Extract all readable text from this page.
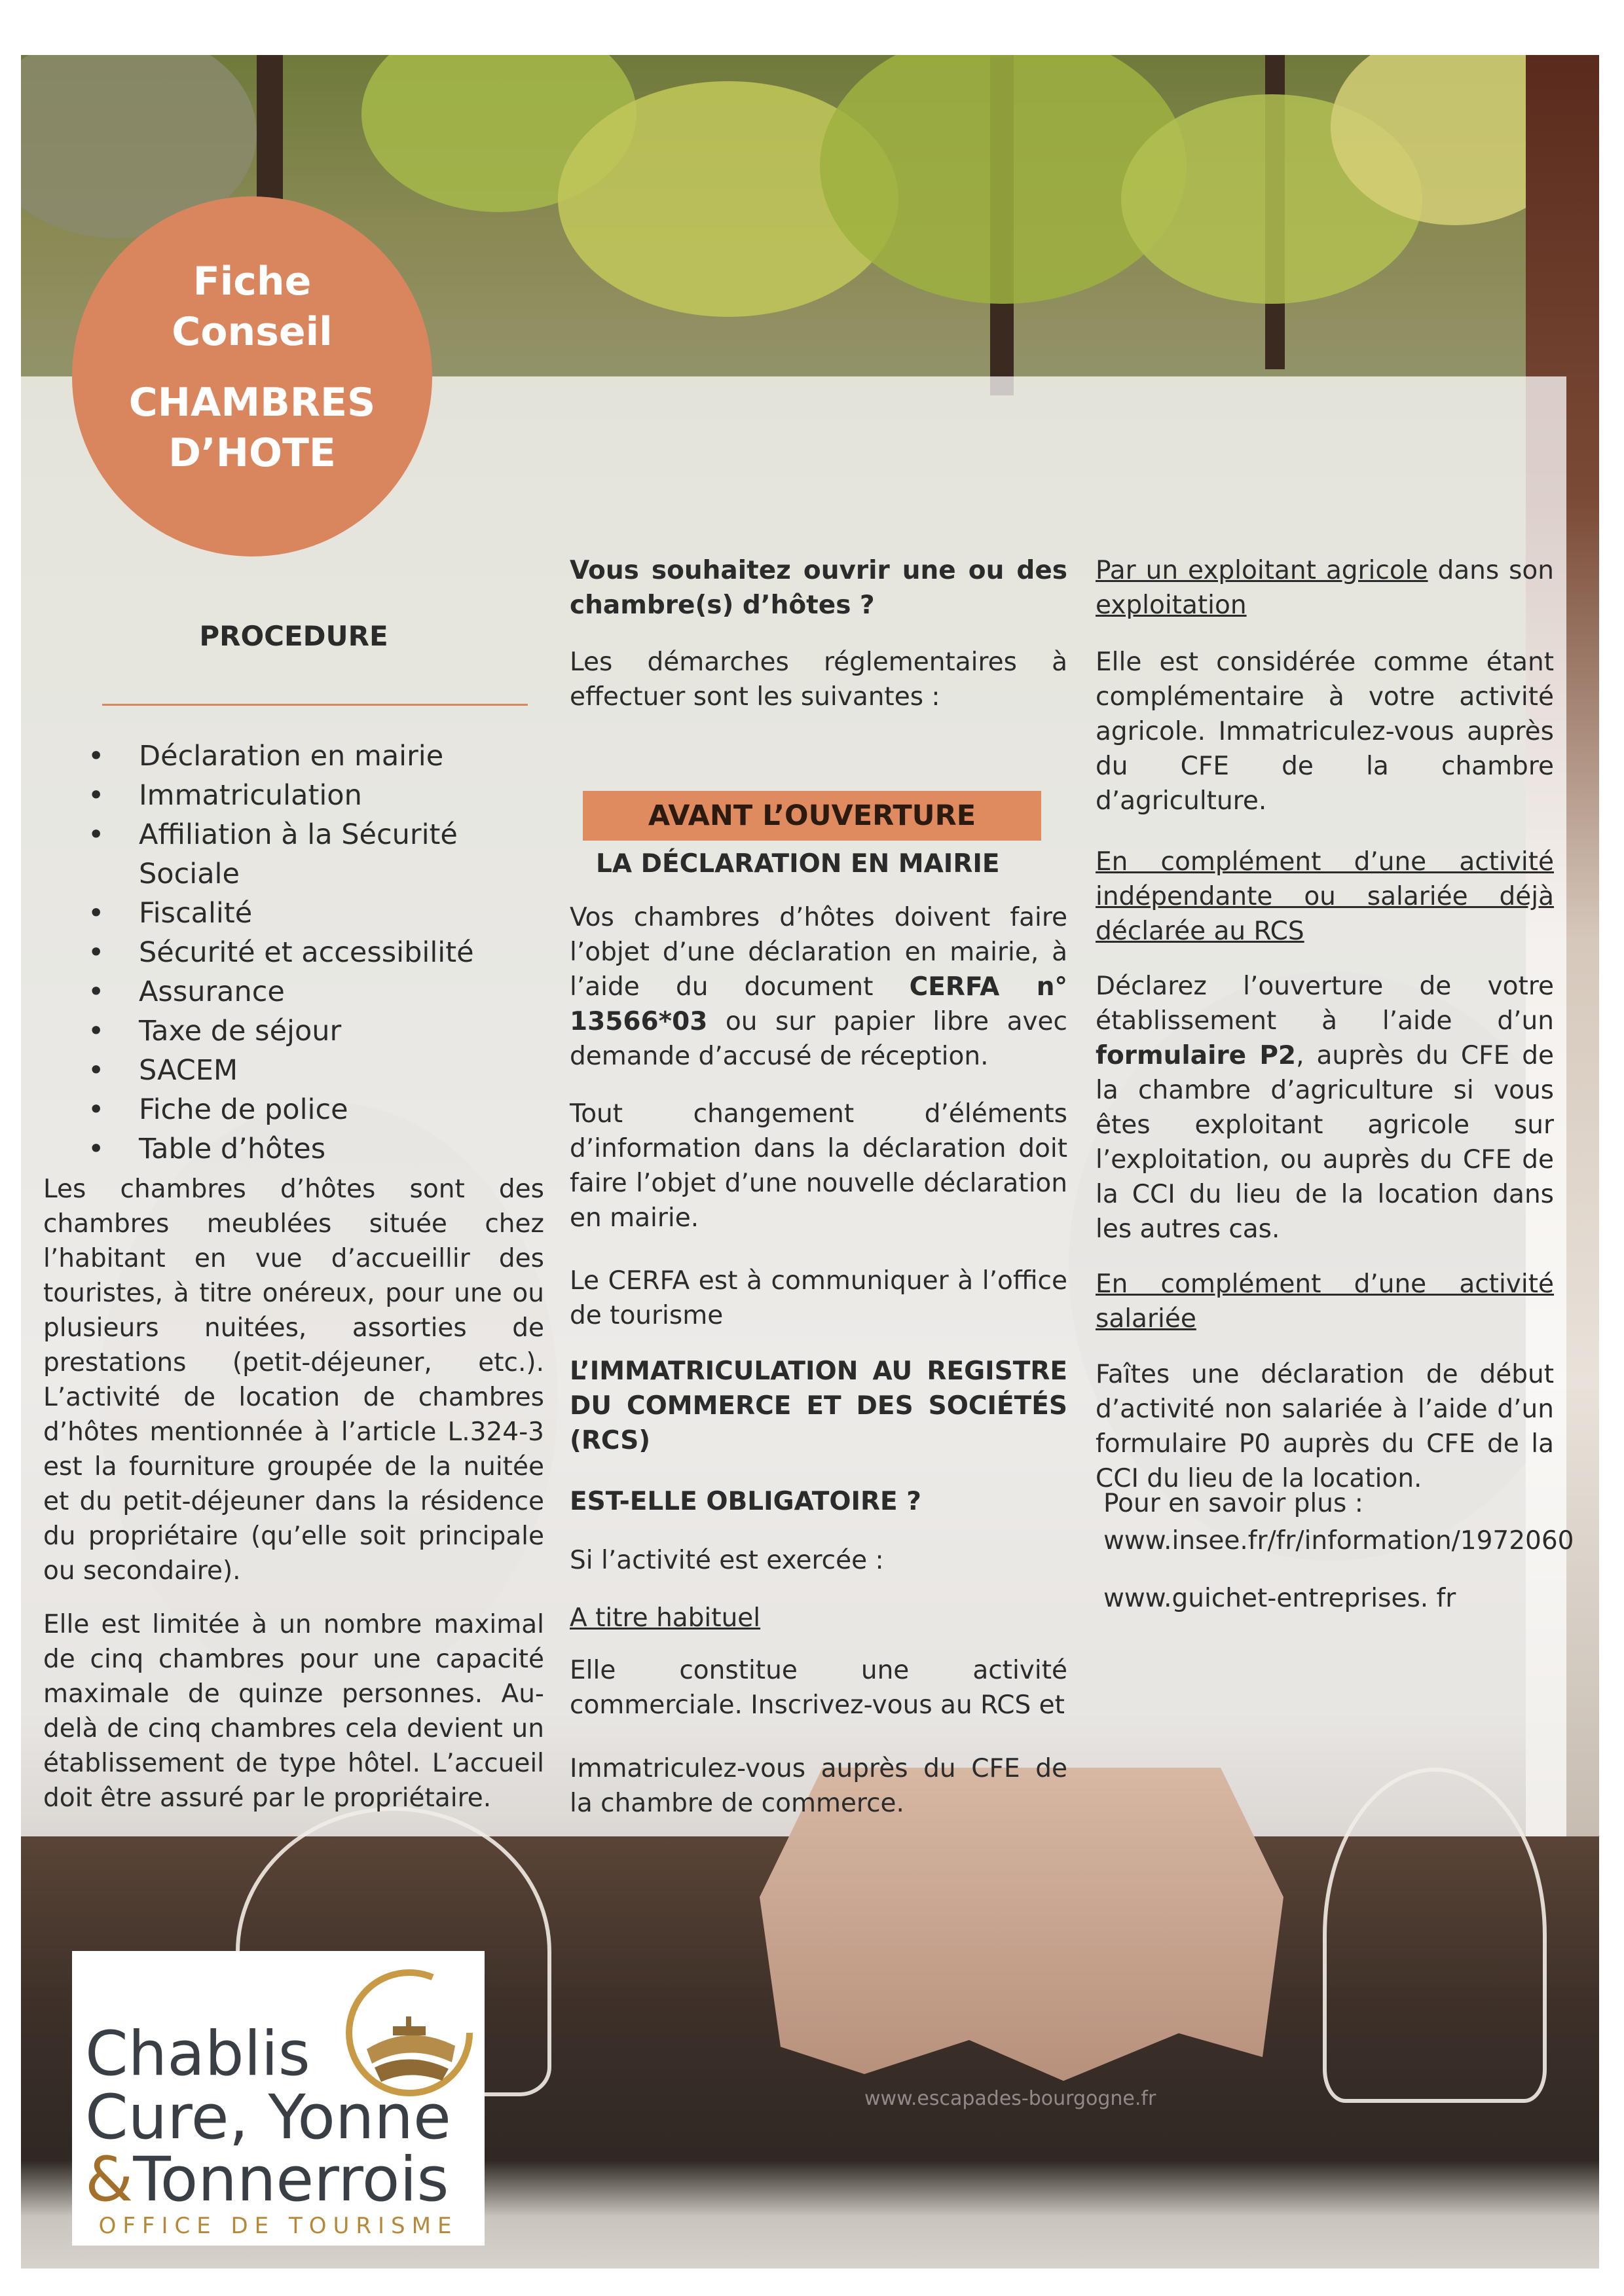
www.escapades-bourgogne.fr
Fiche
Conseil
CHAMBRES
D’HOTE
PROCEDURE
• Déclaration en mairie
• Immatriculation
• Affiliation à la Sécurité Sociale
• Fiscalité
• Sécurité et accessibilité
• Assurance
• Taxe de séjour
• SACEM
• Fiche de police
• Table d’hôtes

Les chambres d’hôtes sont des chambres meublées située chez l’habitant en vue d’accueillir des touristes, à titre onéreux, pour une ou plusieurs nuitées, assorties de prestations (petit-déjeuner, etc.). L’activité de location de chambres d’hôtes mentionnée à l’article L.324-3 est la fourniture groupée de la nuitée et du petit-déjeuner dans la résidence du propriétaire (qu’elle soit principale ou secondaire).

Elle est limitée à un nombre maximal de cinq chambres pour une capacité maximale de quinze personnes. Au-delà de cinq chambres cela devient un établissement de type hôtel. L’accueil doit être assuré par le propriétaire.

Vous souhaitez ouvrir une ou des chambre(s) d’hôtes ?

Les démarches réglementaires à effectuer sont les suivantes :

LA DÉCLARATION EN MAIRIE

Vos chambres d’hôtes doivent faire l’objet d’une déclaration en mairie, à l’aide du document CERFA n° 13566*03 ou sur papier libre avec demande d’accusé de réception.

Tout changement d’éléments d’information dans la déclaration doit faire l’objet d’une nouvelle déclaration en mairie.

Le CERFA est à communiquer à l’office de tourisme

L’IMMATRICULATION AU REGISTRE DU COMMERCE ET DES SOCIÉTÉS (RCS)

EST-ELLE OBLIGATOIRE ?

Si l’activité est exercée :

A titre habituel

Elle constitue une activité commerciale. Inscrivez-vous au RCS et

Immatriculez-vous auprès du CFE de la chambre de commerce.

AVANT L’OUVERTURE

Par un exploitant agricole dans son exploitation

Elle est considérée comme étant complémentaire à votre activité agricole. Immatriculez-vous auprès du CFE de la chambre d’agriculture.

En complément d’une activité indépendante ou salariée déjà déclarée au RCS

Déclarez l’ouverture de votre établissement à l’aide d’un formulaire P2, auprès du CFE de la chambre d’agriculture si vous êtes exploitant agricole sur l’exploitation, ou auprès du CFE de la CCI du lieu de la location dans les autres cas.

En complément d’une activité salariée

Faîtes une déclaration de début d’activité non salariée à l’aide d’un formulaire P0 auprès du CFE de la CCI du lieu de la location.

Pour en savoir plus :

www.insee.fr/fr/information/1972060

www.guichet-entreprises. fr

Chablis
Cure, Yonne
&Tonnerrois
OFFICE DE TOURISME
